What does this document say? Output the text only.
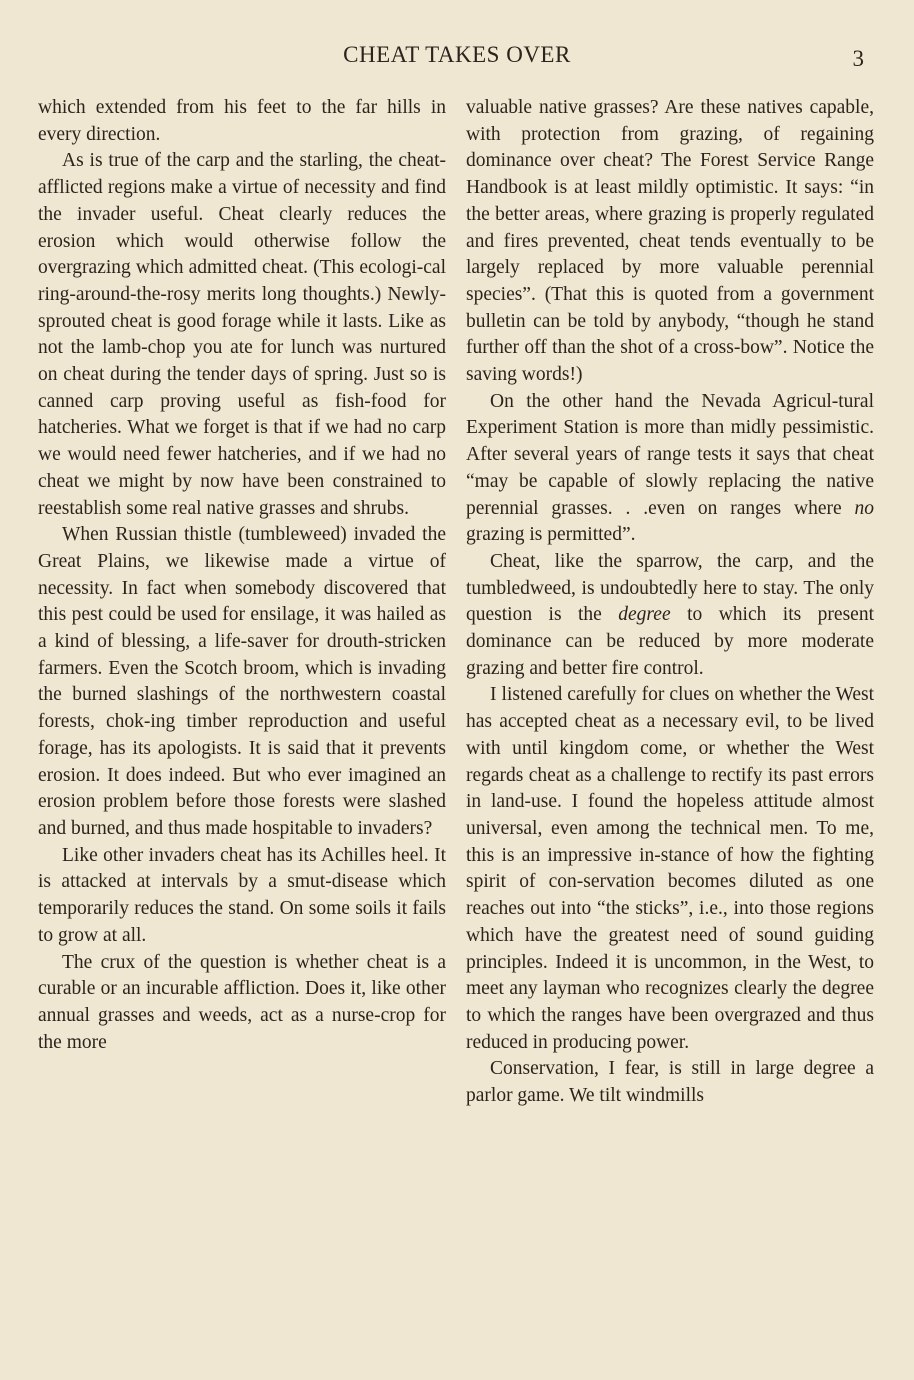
CHEAT TAKES OVER	3

which extended from his feet to the far hills in every direction.

As is true of the carp and the starling, the cheat-afflicted regions make a virtue of necessity and find the invader useful. Cheat clearly reduces the erosion which would otherwise follow the overgrazing which admitted cheat. (This ecologi-cal ring-around-the-rosy merits long thoughts.) Newly-sprouted cheat is good forage while it lasts. Like as not the lamb-chop you ate for lunch was nurtured on cheat during the tender days of spring. Just so is canned carp proving useful as fish-food for hatcheries. What we forget is that if we had no carp we would need fewer hatcheries, and if we had no cheat we might by now have been constrained to reestablish some real native grasses and shrubs.

When Russian thistle (tumbleweed) invaded the Great Plains, we likewise made a virtue of necessity. In fact when somebody discovered that this pest could be used for ensilage, it was hailed as a kind of blessing, a life-saver for drouth-stricken farmers. Even the Scotch broom, which is invading the burned slashings of the northwestern coastal forests, chok-ing timber reproduction and useful forage, has its apologists. It is said that it prevents erosion. It does indeed. But who ever imagined an erosion problem before those forests were slashed and burned, and thus made hospitable to invaders?

Like other invaders cheat has its Achilles heel. It is attacked at intervals by a smut-disease which temporarily reduces the stand. On some soils it fails to grow at all.

The crux of the question is whether cheat is a curable or an incurable affliction. Does it, like other annual grasses and weeds, act as a nurse-crop for the more

valuable native grasses? Are these natives capable, with protection from grazing, of regaining dominance over cheat? The Forest Service Range Handbook is at least mildly optimistic. It says: “in the better areas, where grazing is properly regulated and fires prevented, cheat tends eventually to be largely replaced by more valuable perennial species”. (That this is quoted from a government bulletin can be told by anybody, “though he stand further off than the shot of a cross-bow”. Notice the saving words!)

On the other hand the Nevada Agricul-tural Experiment Station is more than midly pessimistic. After several years of range tests it says that cheat “may be capable of slowly replacing the native perennial grasses. . .even on ranges where no grazing is permitted”.

Cheat, like the sparrow, the carp, and the tumbledweed, is undoubtedly here to stay. The only question is the degree to which its present dominance can be reduced by more moderate grazing and better fire control.

I listened carefully for clues on whether the West has accepted cheat as a necessary evil, to be lived with until kingdom come, or whether the West regards cheat as a challenge to rectify its past errors in land-use. I found the hopeless attitude almost universal, even among the technical men. To me, this is an impressive in-stance of how the fighting spirit of con-servation becomes diluted as one reaches out into “the sticks”, i.e., into those regions which have the greatest need of sound guiding principles. Indeed it is uncommon, in the West, to meet any layman who recognizes clearly the degree to which the ranges have been overgrazed and thus reduced in producing power.

Conservation, I fear, is still in large degree a parlor game. We tilt windmills
